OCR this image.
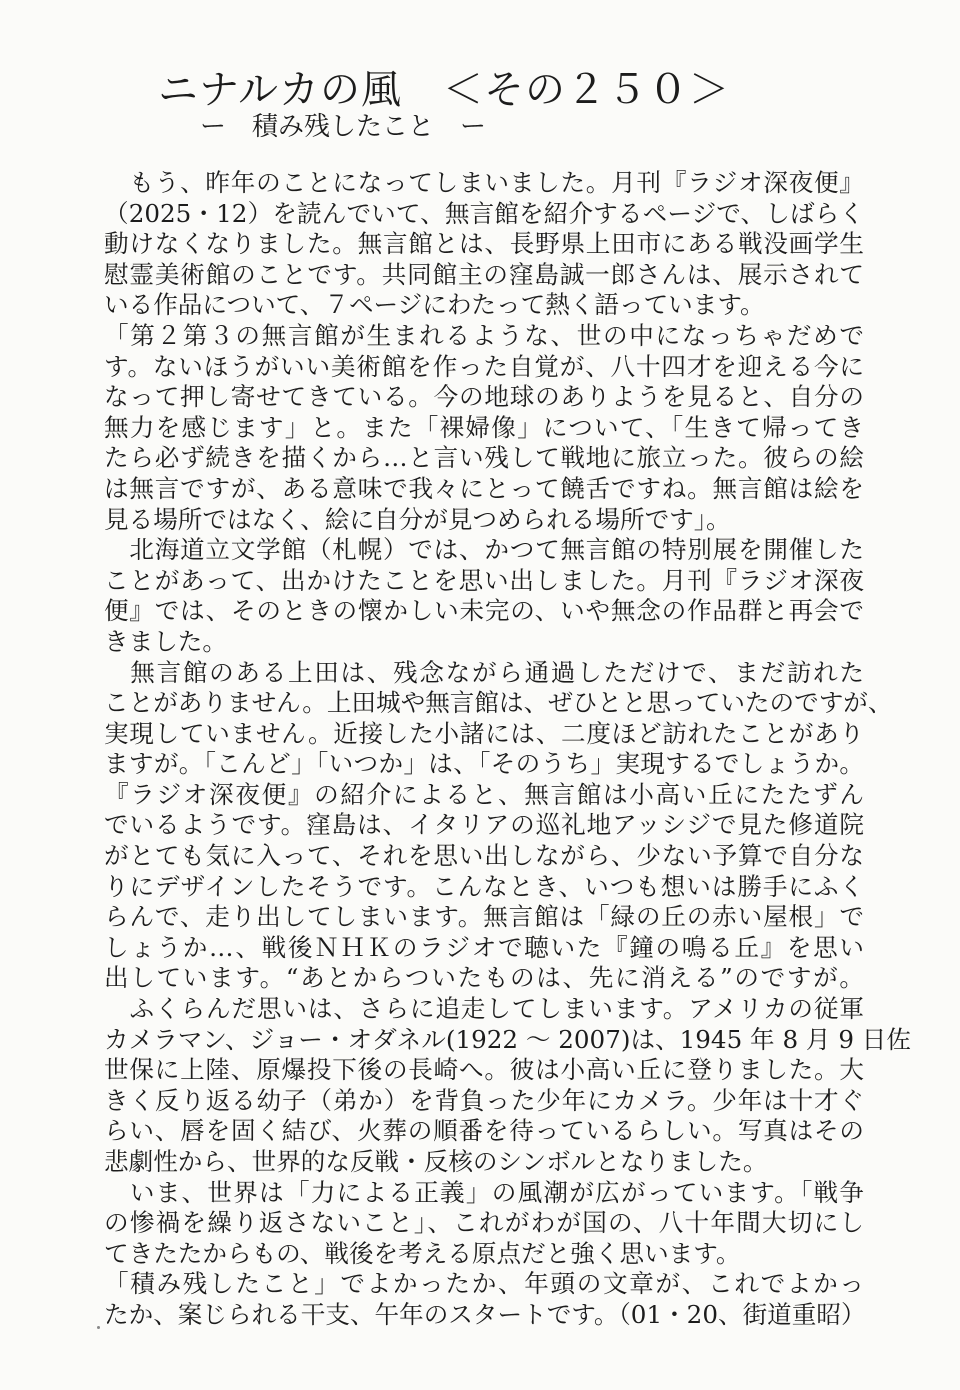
ニナルカの風　＜その２５０＞
ー　積み残したこと　ー
　もう、昨年のことになってしまいました。月刊『ラジオ深夜便』
（2025・12）を読んでいて、無言館を紹介するページで、しばらく
動けなくなりました。無言館とは、長野県上田市にある戦没画学生
慰霊美術館のことです。共同館主の窪島誠一郎さんは、展示されて
いる作品について、７ページにわたって熱く語っています。
「第２第３の無言館が生まれるような、世の中になっちゃだめで
す。ないほうがいい美術館を作った自覚が、八十四才を迎える今に
なって押し寄せてきている。今の地球のありようを見ると、自分の
無力を感じます」と。また「裸婦像」について、「生きて帰ってき
たら必ず続きを描くから…と言い残して戦地に旅立った。彼らの絵
は無言ですが、ある意味で我々にとって饒舌ですね。無言館は絵を
見る場所ではなく、絵に自分が見つめられる場所です」。
　北海道立文学館（札幌）では、かつて無言館の特別展を開催した
ことがあって、出かけたことを思い出しました。月刊『ラジオ深夜
便』では、そのときの懐かしい未完の、いや無念の作品群と再会で
きました。
　無言館のある上田は、残念ながら通過しただけで、まだ訪れた
ことがありません。上田城や無言館は、ぜひとと思っていたのですが、
実現していません。近接した小諸には、二度ほど訪れたことがあり
ますが。「こんど」「いつか」は、「そのうち」実現するでしょうか。
『ラジオ深夜便』の紹介によると、無言館は小高い丘にたたずん
でいるようです。窪島は、イタリアの巡礼地アッシジで見た修道院
がとても気に入って、それを思い出しながら、少ない予算で自分な
りにデザインしたそうです。こんなとき、いつも想いは勝手にふく
らんで、走り出してしまいます。無言館は「緑の丘の赤い屋根」で
しょうか…、戦後ＮＨＫのラジオで聴いた『鐘の鳴る丘』を思い
出しています。“あとからついたものは、先に消える”のですが。
　ふくらんだ思いは、さらに追走してしまいます。アメリカの従軍
カメラマン、ジョー・オダネル(1922 ～ 2007)は、1945 年 8 月 9 日佐
世保に上陸、原爆投下後の長崎へ。彼は小高い丘に登りました。大
きく反り返る幼子（弟か）を背負った少年にカメラ。少年は十才ぐ
らい、唇を固く結び、火葬の順番を待っているらしい。写真はその
悲劇性から、世界的な反戦・反核のシンボルとなりました。
　いま、世界は「力による正義」の風潮が広がっています。「戦争
の惨禍を繰り返さないこと」、これがわが国の、八十年間大切にし
てきたたからもの、戦後を考える原点だと強く思います。
「積み残したこと」でよかったか、年頭の文章が、これでよかっ
たか、案じられる干支、午年のスタートです。（01・20、街道重昭）
